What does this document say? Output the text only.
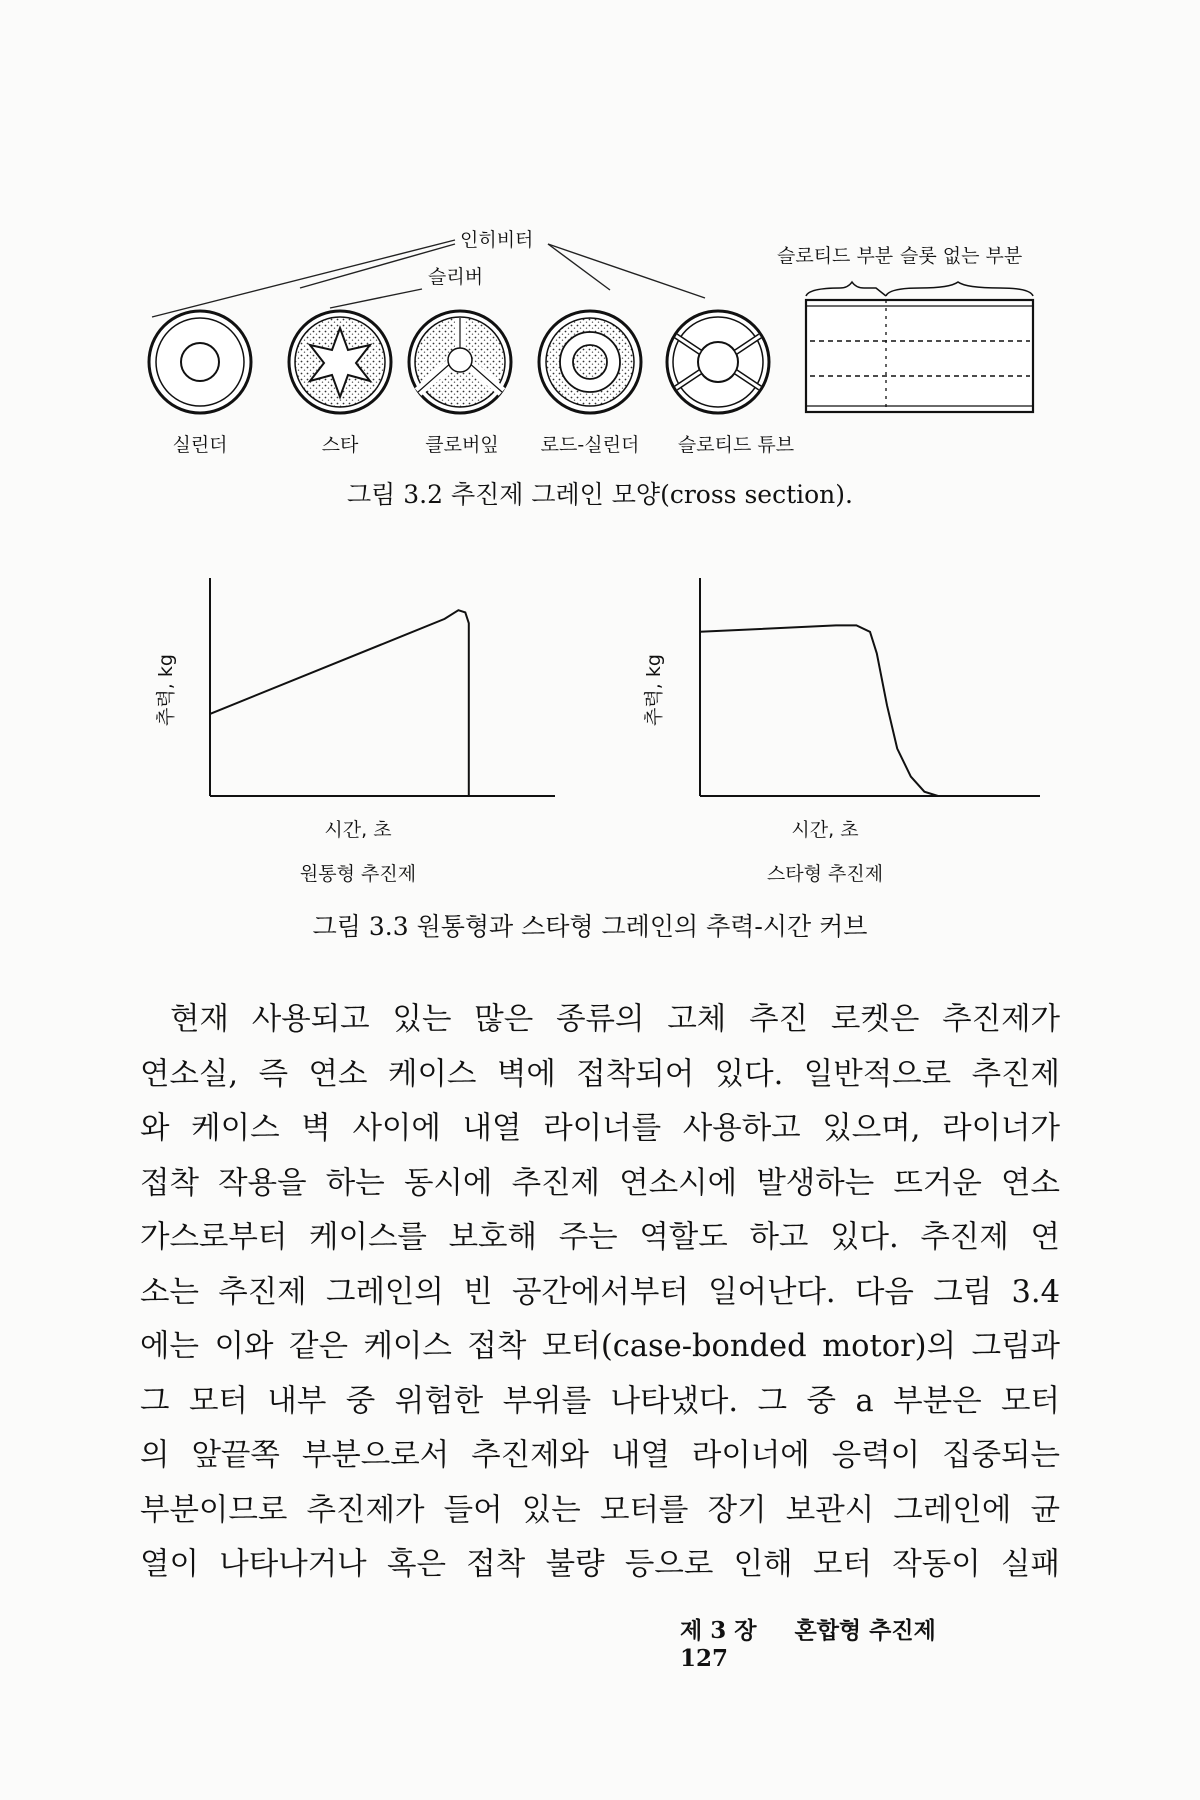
인히비터
슬리버
슬로티드 부분 슬롯 없는 부분
실린더	스타	클로버잎 로드-실린더 슬로티드 튜브
그림 3.2 추진제 그레인 모양(cross section).
추력, kg
시간, 초
원통형 추진제
추력, kg
시간, 초
스타형 추진제
그림 3.3 원통형과 스타형 그레인의 추력-시간 커브
현재 사용되고 있는 많은 종류의 고체 추진 로켓은 추진제가
연소실, 즉 연소 케이스 벽에 접착되어 있다. 일반적으로 추진제
와 케이스 벽 사이에 내열 라이너를 사용하고 있으며, 라이너가
접착 작용을 하는 동시에 추진제 연소시에 발생하는 뜨거운 연소
가스로부터 케이스를 보호해 주는 역할도 하고 있다. 추진제 연
소는 추진제 그레인의 빈 공간에서부터 일어난다. 다음 그림 3.4
에는 이와 같은 케이스 접착 모터(case-bonded motor)의 그림과
그 모터 내부 중 위험한 부위를 나타냈다. 그 중 a 부분은 모터
의 앞끝쪽 부분으로서 추진제와 내열 라이너에 응력이 집중되는
부분이므로 추진제가 들어 있는 모터를 장기 보관시 그레인에 균
열이 나타나거나 혹은 접착 불량 등으로 인해 모터 작동이 실패
제 3 장 혼합형 추진제  127
